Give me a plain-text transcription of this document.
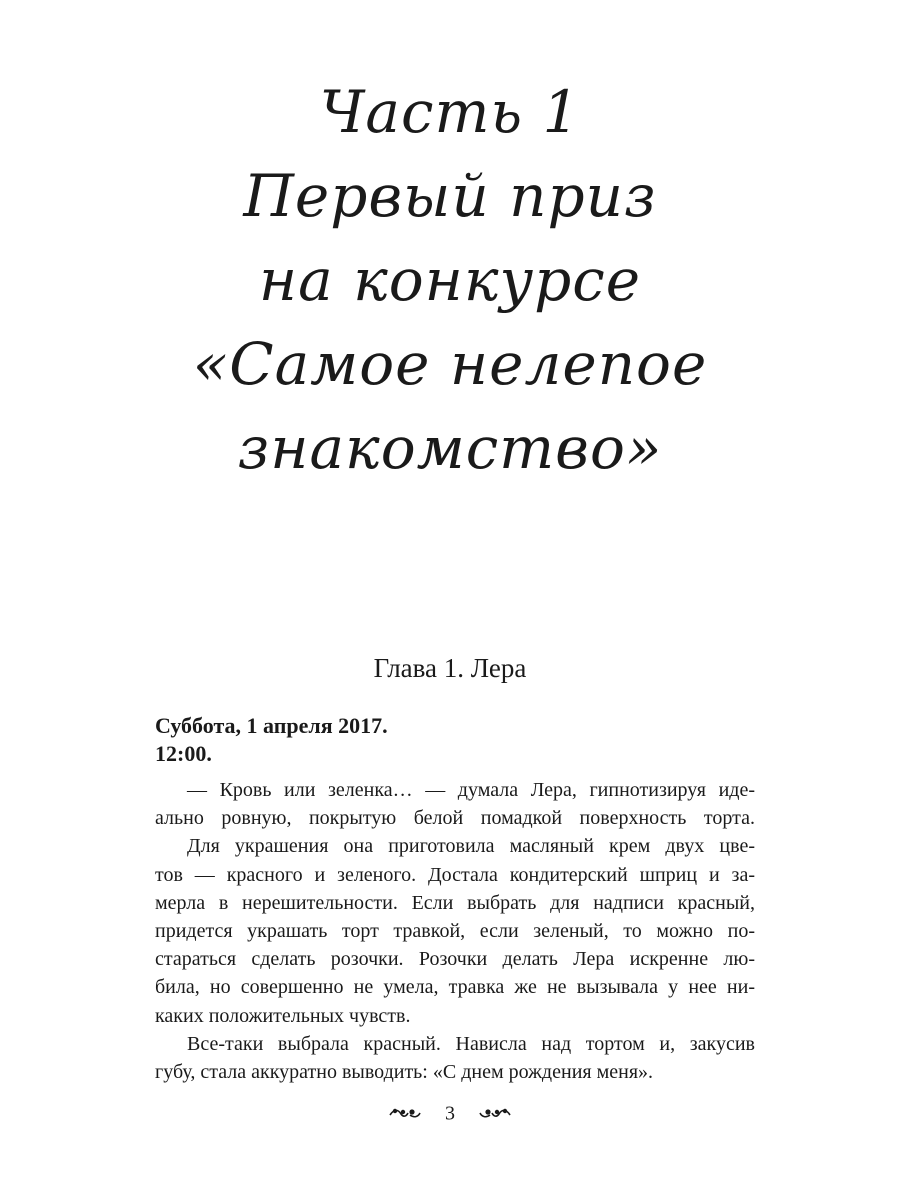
Часть 1
Первый приз
на конкурсе
«Самое нелепое
знакомство»
Глава 1. Лера
Суббота, 1 апреля 2017.
12:00.
— Кровь или зеленка… — думала Лера, гипнотизируя иде-
ально ровную, покрытую белой помадкой поверхность торта.
Для украшения она приготовила масляный крем двух цве-
тов — красного и зеленого. Достала кондитерский шприц и за-
мерла в нерешительности. Если выбрать для надписи красный,
придется украшать торт травкой, если зеленый, то можно по-
стараться сделать розочки. Розочки делать Лера искренне лю-
била, но совершенно не умела, травка же не вызывала у нее ни-
каких положительных чувств.
Все-таки выбрала красный. Нависла над тортом и, закусив
губу, стала аккуратно выводить: «С днем рождения меня».
3
